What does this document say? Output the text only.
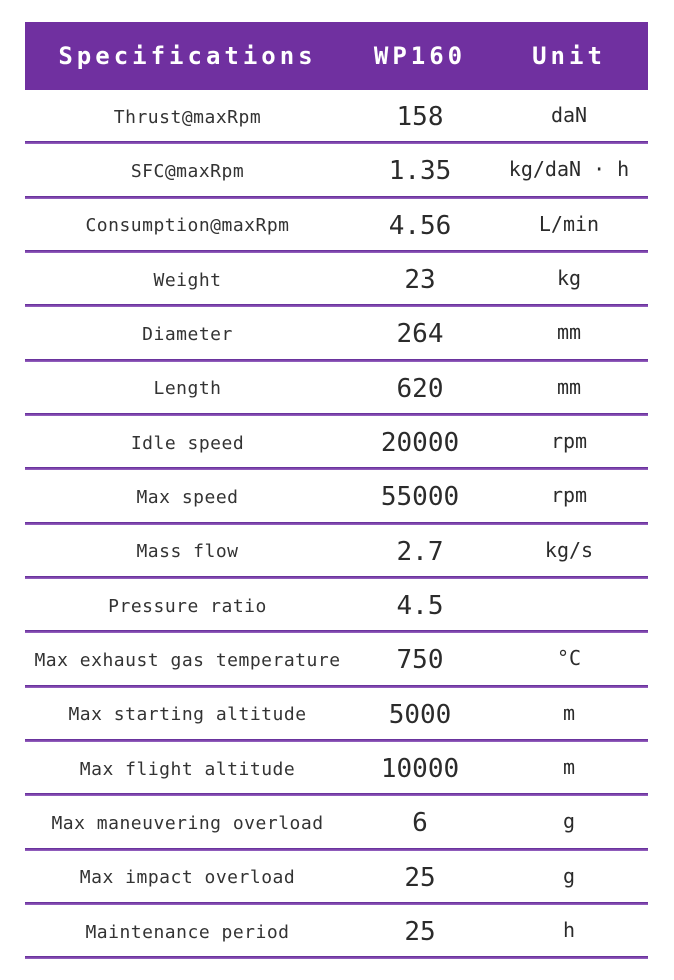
Specifications	WP160	Unit
Thrust@maxRpm	158	daN
SFC@maxRpm	1.35	kg/daN · h
Consumption@maxRpm	4.56	L/min
Weight	23	kg
Diameter	264	mm
Length	620	mm
Idle speed	20000	rpm
Max speed	55000	rpm
Mass flow	2.7	kg/s
Pressure ratio	4.5
Max exhaust gas temperature	750	°C
Max starting altitude	5000	m
Max flight altitude	10000	m
Max maneuvering overload	6	g
Max impact overload	25	g
Maintenance period	25	h
